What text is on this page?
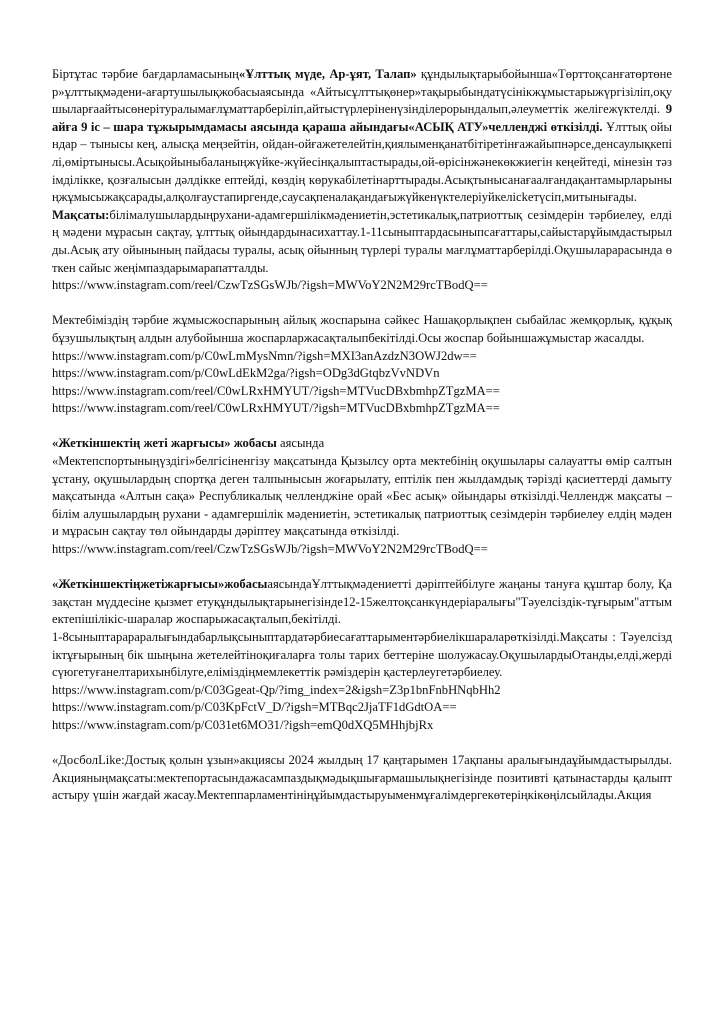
Біртұтас тәрбие бағдарламасының«Ұлттық мүде, Ар-ұят, Талап» құндылықтарыбойынша«Төрттоқсанғатөртөнер»ұлттықмәдени-ағартушылықжобасыаясында «Айтысұлттықөнер»тақырыбындатүсінікжұмыстарыжүргізіліп,оқушыларғаайтысөнерітуралымағлұматтарберіліп,айтыстүрлеріненүзінділерорындалып,әлеуметтік желігежүктелді. 9 айға 9 іс – шара тұжырымдамасы аясында қараша айындағы«АСЫҚ АТУ»челленджі өткізілді. Ұлттық ойындар – тынысы кең, алысқа меңзейтін, ойдан-ойғажетелейтін,қиялыменқанатбітіретінғажайыпнәрсе,денсаулықкепілі,өміртынысы.Асықойыныбаланыңжүйке-жүйесінқалыптастырады,ой-өрісінжәнекөкжиегін кеңейтеді, мінезін тәзімділікке, қозғалысын дәлдікке ептейді, көздің көрукабілетінарттырады.Асықтынысанағаалғандақантамырларыныңжұмысыжақсарады,алқолғаустапиргенде,саусақпеналақандағыжүйкенүктелеріуйкелісkeтүсіп,митынығады.

Мақсаты:білімалушылардыңрухани-адамгершілікмәдениетін,эстетикалық,патриоттық сезімдерін тәрбиелеу, елдің мәдени мұрасын сақтау, ұлттық ойындардынасихаттау.1-11сыныптардасыныпсағаттары,сайыстарұйымдастырылды.Асық ату ойынының пайдасы туралы, асық ойынның түрлері туралы мағлұматтарберілді.Оқушыларарасында өткен сайыс жеңімпаздарымарапатталды.

https://www.instagram.com/reel/CzwTzSGsWJb/?igsh=MWVoY2N2M29rcTBodQ==

Мектебіміздің тәрбие жұмысжоспарының айлық жоспарына сәйкес Нашақорлықпен сыбайлас жемқорлық, құқық бұзушылықтың алдын алубойынша жоспарларжасақталыпбекітілді.Осы жоспар бойыншажұмыстар жасалды.

https://www.instagram.com/p/C0wLmMysNmn/?igsh=MXI3anAzdzN3OWJ2dw==

https://www.instagram.com/p/C0wLdEkM2ga/?igsh=ODg3dGtqbzVvNDVn

https://www.instagram.com/reel/C0wLRxHMYUT/?igsh=MTVucDBxbmhpZTgzMA==

https://www.instagram.com/reel/C0wLRxHMYUT/?igsh=MTVucDBxbmhpZTgzMA==

«Жеткіншектің жеті жарғысы» жобасы аясында

«Мектепспортыныңүздігі»белгісіненгізу мақсатында Қызылсу орта мектебінің оқушылары салауатты өмір салтын ұстану, оқушылардың спортқа деген талпынысын жоғарылату, ептілік пен жылдамдық тәрізді қасиеттерді дамыту мақсатында «Алтын сақа» Республикалық челленджіне орай «Бес асық» ойындары өткізілді.Челлендж мақсаты – білім алушылардың рухани - адамгершілік мәдениетін, эстетикалық патриоттық сезімдерін тәрбиелеу елдің мәдени мұрасын сақтау төл ойындарды дәріптеу мақсатында өткізілді.

https://www.instagram.com/reel/CzwTzSGsWJb/?igsh=MWVoY2N2M29rcTBodQ==

«Жеткіншектіңжетіжарғысы»жобасыаясындаҰлттықмәдениетті дәріптейбілуге жаңаны тануға құштар болу, Қазақстан мүддесіне қызмет етуқұндылықтарынегізінде12-15желтоқсанкүндеріаралығы"Тәуелсіздік-тұғырым"аттымектепішілікіс-шаралар жоспарыжасақталып,бекітілді.

1-8сыныптарараралығындабарлықсыныптардатәрбиесағаттарыментәрбиелікшараларөткізілді.Мақсаты : Тәуелсіздіктұғырының бік шыңына жетелейтіноқиғаларға толы тарих беттеріне шолужасау.ОқушылардыОтанды,елді,жердісүюгетуғанелтарихынбілуге,еліміздіңмемлекеттік рәміздерін қастерлеугетәрбиелеу.

https://www.instagram.com/p/C03Ggeat-Qp/?img_index=2&igsh=Z3p1bnFnbHNqbHh2

https://www.instagram.com/p/C03KpFctV_D/?igsh=MTBqc2JjaTF1dGdtOA==

https://www.instagram.com/p/C031et6MO31/?igsh=emQ0dXQ5MHhjbjRx

«ДосболLike:Достық қолын ұзын»акциясы 2024 жылдың 17 қаңтарымен 17ақпаны аралығындаұйымдастырылды.Акцияныңмақсаты:мектепортасындажасампаздықмәдықшығармашылықнегізінде позитивті қатынастарды қалыптастыру үшін жағдай жасау.Мектеппарламентініңұйымдастыруыменмұғалімдергекөтеріңкікөңілсыйлады.Акция
